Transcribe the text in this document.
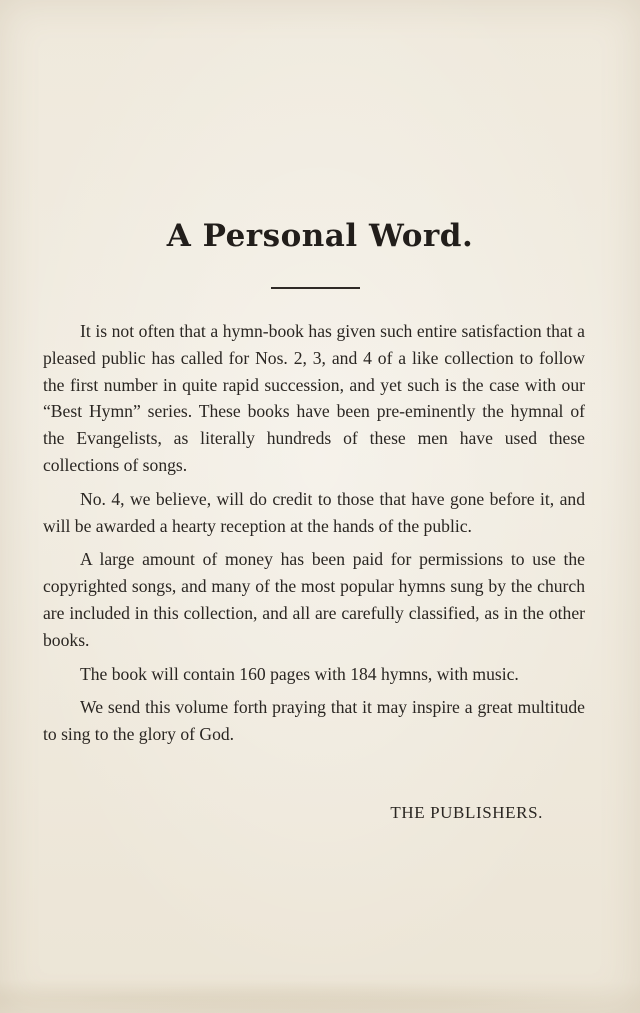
A Personal Word.

It is not often that a hymn-book has given such entire satisfaction that a pleased public has called for Nos. 2, 3, and 4 of a like collection to follow the first number in quite rapid succession, and yet such is the case with our “Best Hymn” series. These books have been pre-eminently the hymnal of the Evangelists, as literally hundreds of these men have used these collections of songs.

No. 4, we believe, will do credit to those that have gone before it, and will be awarded a hearty reception at the hands of the public.

A large amount of money has been paid for permissions to use the copyrighted songs, and many of the most popular hymns sung by the church are included in this collection, and all are carefully classified, as in the other books.

The book will contain 160 pages with 184 hymns, with music.

We send this volume forth praying that it may inspire a great multitude to sing to the glory of God.

THE PUBLISHERS.
